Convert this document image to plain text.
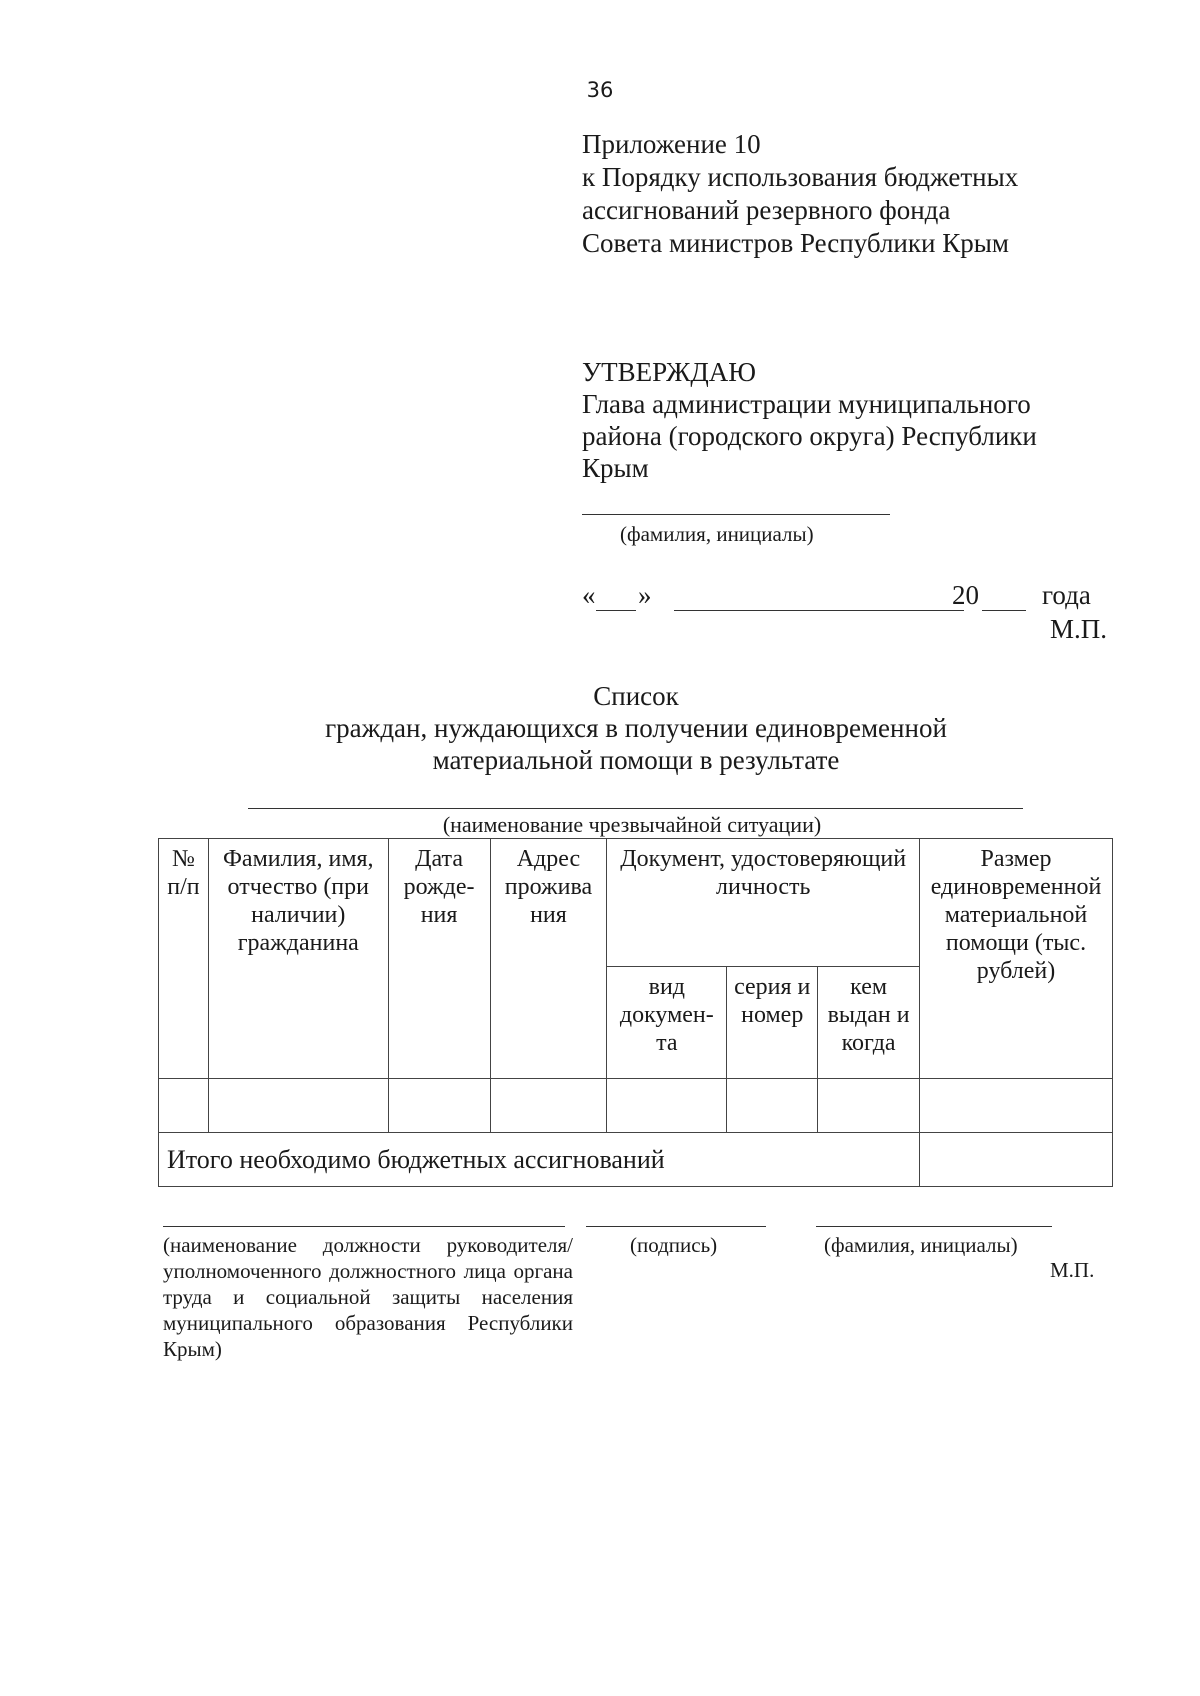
36
Приложение 10
к Порядку использования бюджетных
ассигнований резервного фонда
Совета министров Республики Крым
УТВЕРЖДАЮ
Глава администрации муниципального
района (городского округа) Республики
Крым
(фамилия, инициалы)
« »	20 года
М.П.
Список
граждан, нуждающихся в получении единовременной
материальной помощи в результате
(наименование чрезвычайной ситуации)
№ п/п	Фамилия, имя, отчество (при наличии) гражданина	Дата рожде-ния	Адрес прожива ния	Документ, удостоверяющий личность			Размер единовременной материальной помощи (тыс. рублей)
				вид докумен-та	серия и номер	кем выдан и когда	

Итого необходимо бюджетных ассигнований							
(наименование должности руководителя/уполномоченного должностного лица органа труда и социальной защиты населения муниципального образования Республики Крым)
(подпись)	(фамилия, инициалы)
М.П.
